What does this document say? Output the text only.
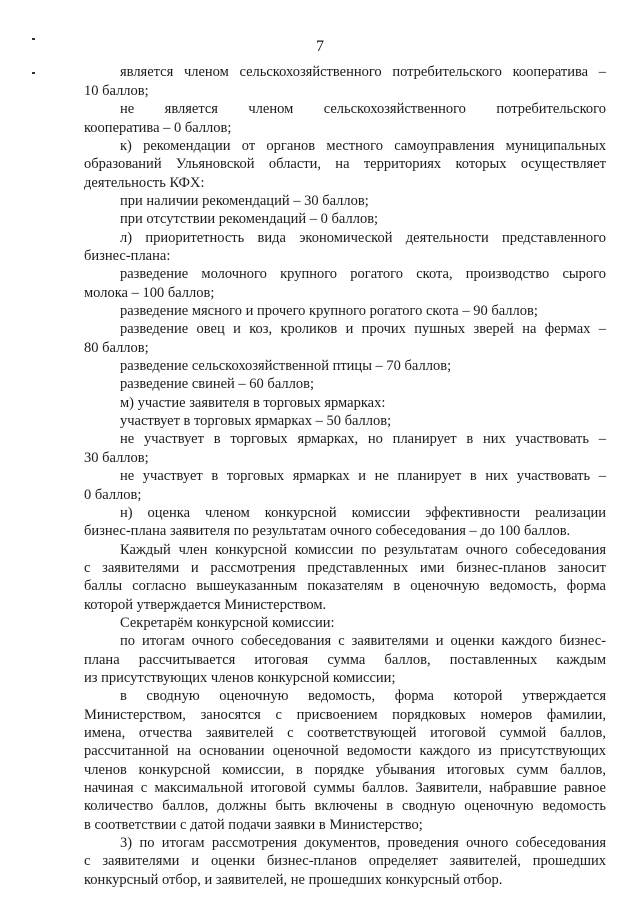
7
является членом сельскохозяйственного потребительского кооператива –
10 баллов;
не является членом сельскохозяйственного потребительского
кооператива – 0 баллов;
к) рекомендации от органов местного самоуправления муниципальных
образований Ульяновской области, на территориях которых осуществляет
деятельность КФХ:
при наличии рекомендаций – 30 баллов;
при отсутствии рекомендаций – 0 баллов;
л) приоритетность вида экономической деятельности представленного
бизнес-плана:
разведение молочного крупного рогатого скота, производство сырого
молока – 100 баллов;
разведение мясного и прочего крупного рогатого скота – 90 баллов;
разведение овец и коз, кроликов и прочих пушных зверей на фермах –
80 баллов;
разведение сельскохозяйственной птицы – 70 баллов;
разведение свиней – 60 баллов;
м) участие заявителя в торговых ярмарках:
участвует в торговых ярмарках – 50 баллов;
не участвует в торговых ярмарках, но планирует в них участвовать –
30 баллов;
не участвует в торговых ярмарках и не планирует в них участвовать –
0 баллов;
н) оценка членом конкурсной комиссии эффективности реализации
бизнес-плана заявителя по результатам очного собеседования – до 100 баллов.
Каждый член конкурсной комиссии по результатам очного собеседования
с заявителями и рассмотрения представленных ими бизнес-планов заносит
баллы согласно вышеуказанным показателям в оценочную ведомость, форма
которой утверждается Министерством.
Секретарём конкурсной комиссии:
по итогам очного собеседования с заявителями и оценки каждого бизнес-
плана рассчитывается итоговая сумма баллов, поставленных каждым
из присутствующих членов конкурсной комиссии;
в сводную оценочную ведомость, форма которой утверждается
Министерством, заносятся с присвоением порядковых номеров фамилии,
имена, отчества заявителей с соответствующей итоговой суммой баллов,
рассчитанной на основании оценочной ведомости каждого из присутствующих
членов конкурсной комиссии, в порядке убывания итоговых сумм баллов,
начиная с максимальной итоговой суммы баллов. Заявители, набравшие равное
количество баллов, должны быть включены в сводную оценочную ведомость
в соответствии с датой подачи заявки в Министерство;
3) по итогам рассмотрения документов, проведения очного собеседования
с заявителями и оценки бизнес-планов определяет заявителей, прошедших
конкурсный отбор, и заявителей, не прошедших конкурсный отбор.
